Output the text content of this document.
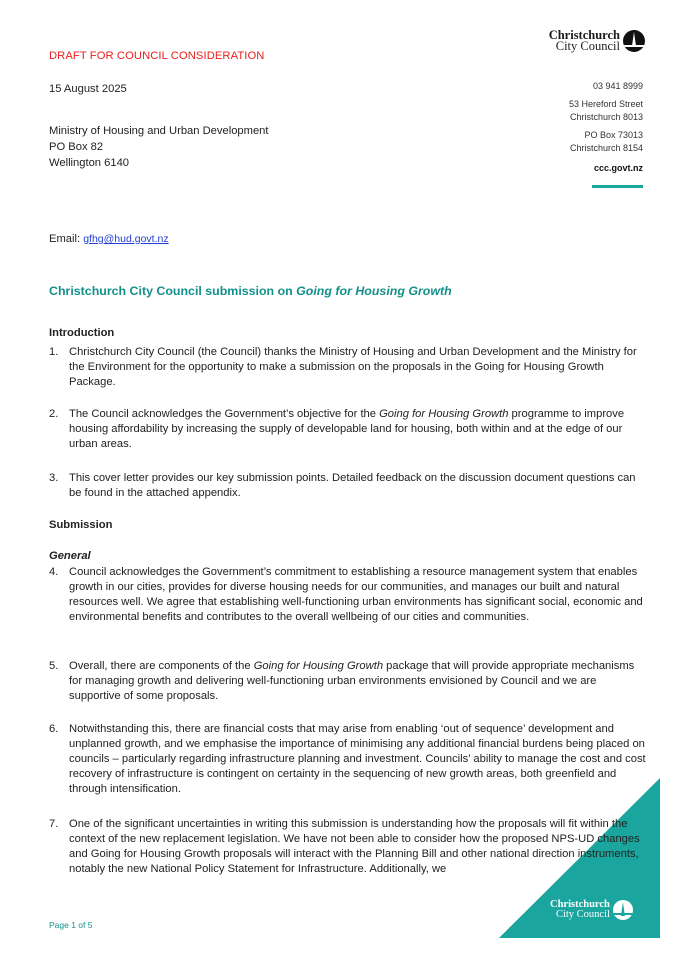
DRAFT FOR COUNCIL CONSIDERATION
15 August 2025
Ministry of Housing and Urban Development
PO Box 82
Wellington 6140
Christchurch
City Council
03 941 8999
53 Hereford Street
Christchurch 8013
PO Box 73013
Christchurch 8154
ccc.govt.nz
Email: gfhg@hud.govt.nz
Christchurch City Council submission on Going for Housing Growth
Introduction
1. Christchurch City Council (the Council) thanks the Ministry of Housing and Urban Development and the Ministry for the Environment for the opportunity to make a submission on the proposals in the Going for Housing Growth Package.
2. The Council acknowledges the Government’s objective for the Going for Housing Growth programme to improve housing affordability by increasing the supply of developable land for housing, both within and at the edge of our urban areas.
3. This cover letter provides our key submission points. Detailed feedback on the discussion document questions can be found in the attached appendix.
Submission
General
4. Council acknowledges the Government’s commitment to establishing a resource management system that enables growth in our cities, provides for diverse housing needs for our communities, and manages our built and natural resources well. We agree that establishing well-functioning urban environments has significant social, economic and environmental benefits and contributes to the overall wellbeing of our cities and communities.
5. Overall, there are components of the Going for Housing Growth package that will provide appropriate mechanisms for managing growth and delivering well-functioning urban environments envisioned by Council and we are supportive of some proposals.
6. Notwithstanding this, there are financial costs that may arise from enabling ‘out of sequence’ development and unplanned growth, and we emphasise the importance of minimising any additional financial burdens being placed on councils – particularly regarding infrastructure planning and investment. Councils’ ability to manage the cost and cost recovery of infrastructure is contingent on certainty in the sequencing of new growth areas, both greenfield and through intensification.
7. One of the significant uncertainties in writing this submission is understanding how the proposals will fit within the context of the new replacement legislation. We have not been able to consider how the proposed NPS-UD changes and Going for Housing Growth proposals will interact with the Planning Bill and other national direction instruments, notably the new National Policy Statement for Infrastructure. Additionally, we
Christchurch
City Council
Page 1 of 5
